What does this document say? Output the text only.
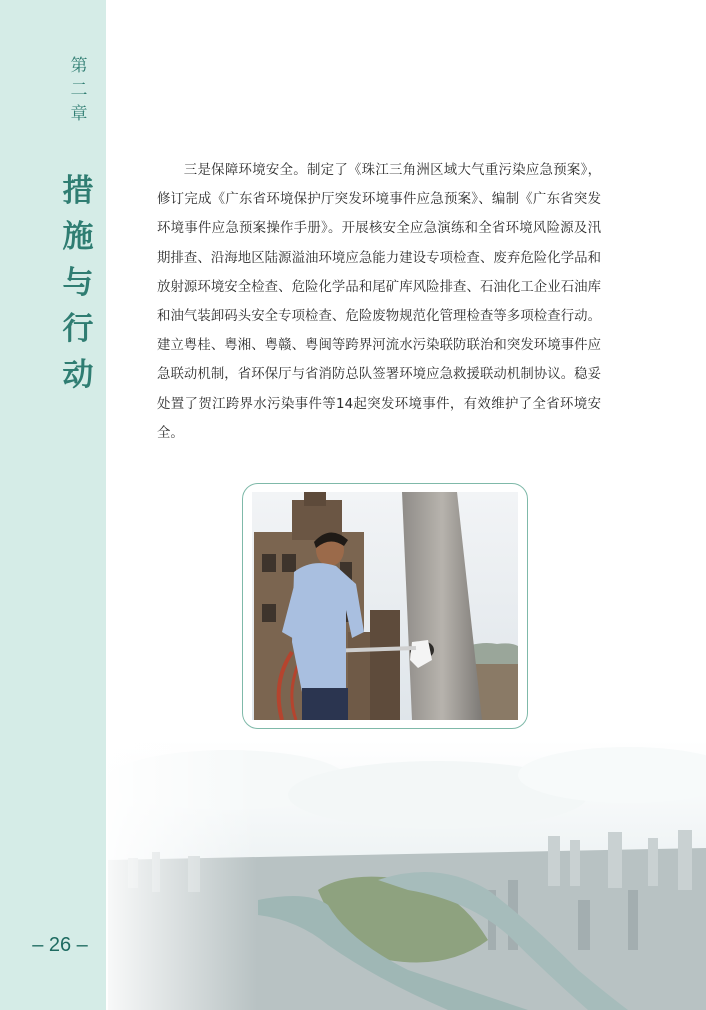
第
二
章
措
施
与
行
动
– 26 –

三是保障环境安全。制定了《珠江三角洲区域大气重污染应急预案》，修订完成《广东省环境保护厅突发环境事件应急预案》、编制《广东省突发环境事件应急预案操作手册》。开展核安全应急演练和全省环境风险源及汛期排查、沿海地区陆源溢油环境应急能力建设专项检查、废弃危险化学品和放射源环境安全检查、危险化学品和尾矿库风险排查、石油化工企业石油库和油气装卸码头安全专项检查、危险废物规范化管理检查等多项检查行动。建立粤桂、粤湘、粤赣、粤闽等跨界河流水污染联防联治和突发环境事件应急联动机制，省环保厅与省消防总队签署环境应急救援联动机制协议。稳妥处置了贺江跨界水污染事件等14起突发环境事件，有效维护了全省环境安全。
